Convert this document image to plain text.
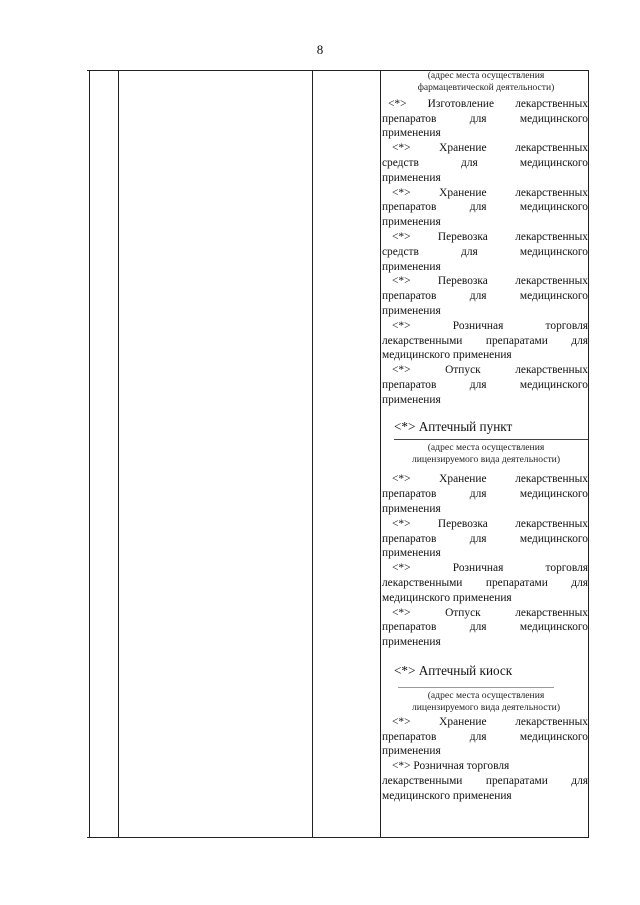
8
(адрес места осуществления
фармацевтической деятельности)
<*> Изготовление лекарственных
препаратов для медицинского
применения
<*> Хранение лекарственных
средств для медицинского
применения
<*> Хранение лекарственных
препаратов для медицинского
применения
<*> Перевозка лекарственных
средств для медицинского
применения
<*> Перевозка лекарственных
препаратов для медицинского
применения
<*> Розничная торговля
лекарственными препаратами для
медицинского применения
<*> Отпуск лекарственных
препаратов для медицинского
применения
<*> Аптечный пункт
(адрес места осуществления
лицензируемого вида деятельности)
<*> Хранение лекарственных
препаратов для медицинского
применения
<*> Перевозка лекарственных
препаратов для медицинского
применения
<*> Розничная торговля
лекарственными препаратами для
медицинского применения
<*> Отпуск лекарственных
препаратов для медицинского
применения
<*> Аптечный киоск
(адрес места осуществления
лицензируемого вида деятельности)
<*> Хранение лекарственных
препаратов для медицинского
применения
<*> Розничная торговля
лекарственными препаратами для
медицинского применения
